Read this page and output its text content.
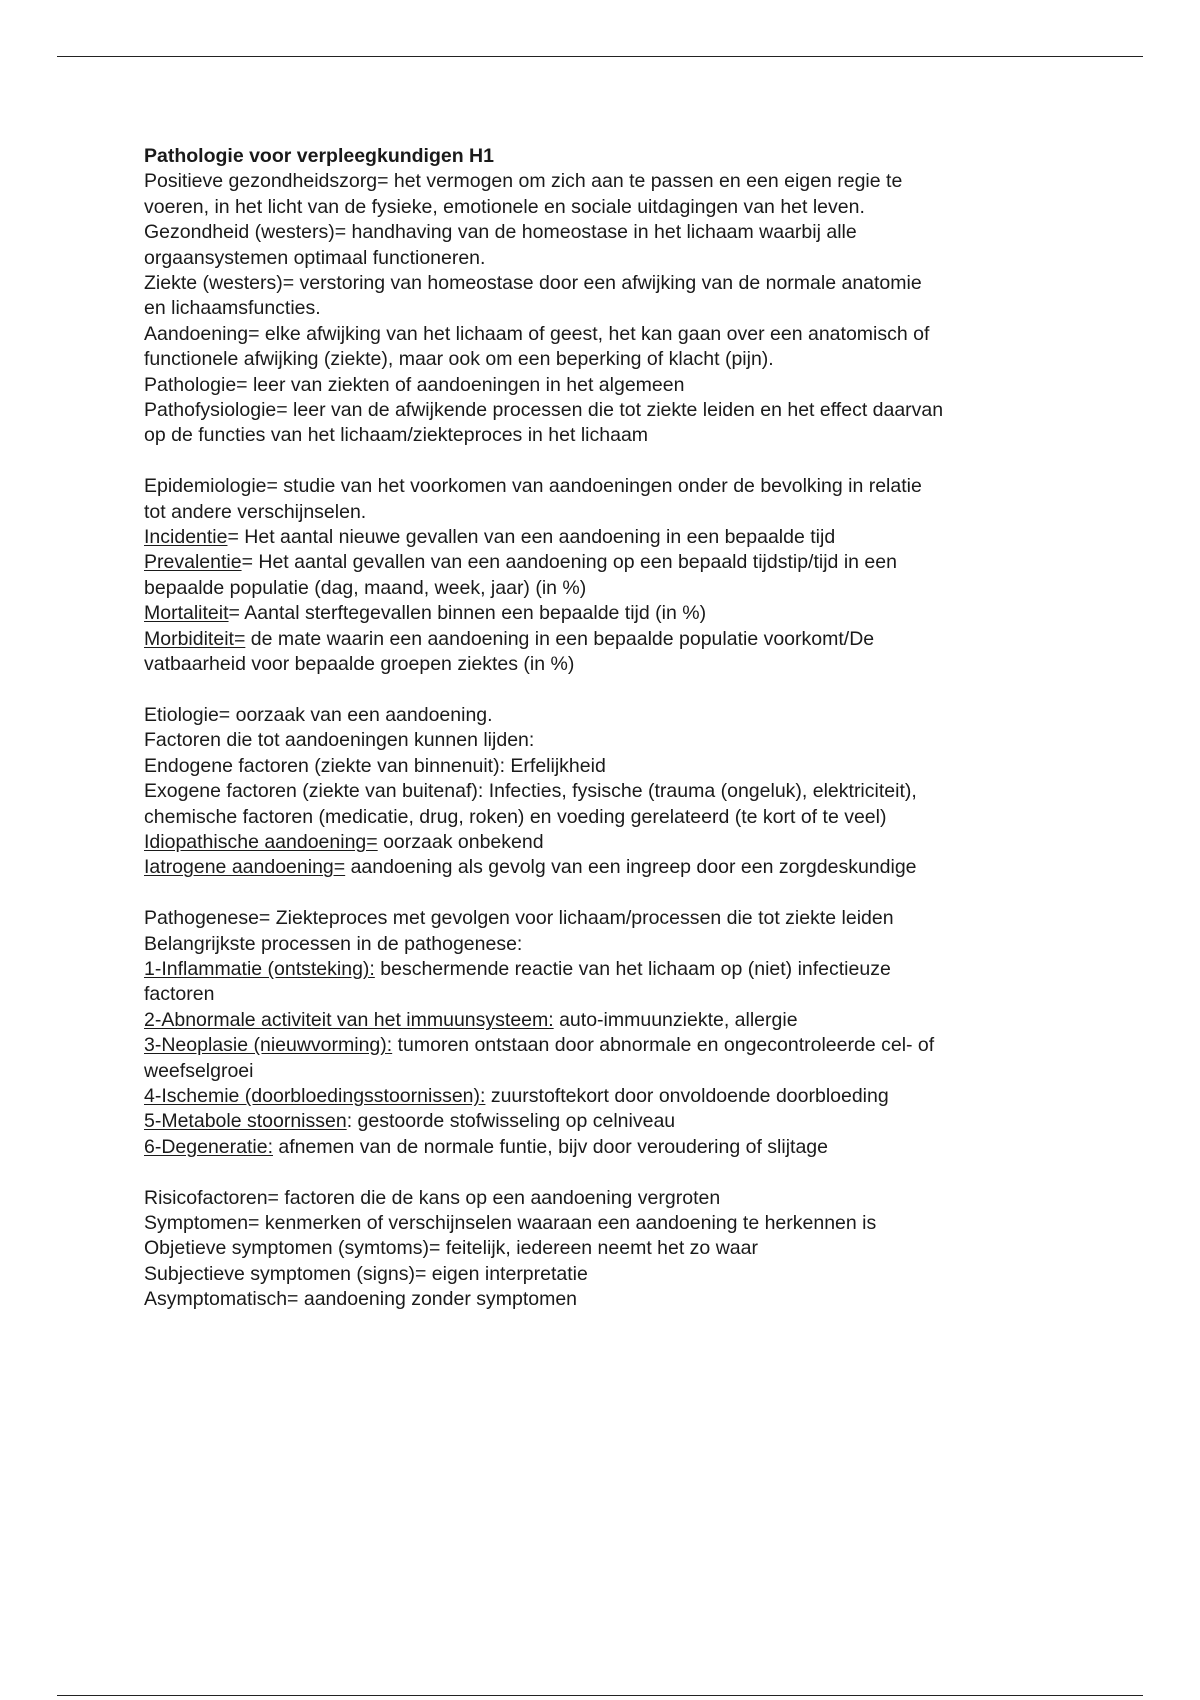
Pathologie voor verpleegkundigen H1
Positieve gezondheidszorg= het vermogen om zich aan te passen en een eigen regie te
voeren, in het licht van de fysieke, emotionele en sociale uitdagingen van het leven.
Gezondheid (westers)= handhaving van de homeostase in het lichaam waarbij alle
orgaansystemen optimaal functioneren.
Ziekte (westers)= verstoring van homeostase door een afwijking van de normale anatomie
en lichaamsfuncties.
Aandoening= elke afwijking van het lichaam of geest, het kan gaan over een anatomisch of
functionele afwijking (ziekte), maar ook om een beperking of klacht (pijn).
Pathologie= leer van ziekten of aandoeningen in het algemeen
Pathofysiologie= leer van de afwijkende processen die tot ziekte leiden en het effect daarvan
op de functies van het lichaam/ziekteproces in het lichaam
Epidemiologie= studie van het voorkomen van aandoeningen onder de bevolking in relatie
tot andere verschijnselen.
Incidentie= Het aantal nieuwe gevallen van een aandoening in een bepaalde tijd
Prevalentie= Het aantal gevallen van een aandoening op een bepaald tijdstip/tijd in een
bepaalde populatie (dag, maand, week, jaar) (in %)
Mortaliteit= Aantal sterftegevallen binnen een bepaalde tijd (in %)
Morbiditeit= de mate waarin een aandoening in een bepaalde populatie voorkomt/De
vatbaarheid voor bepaalde groepen ziektes (in %)
Etiologie= oorzaak van een aandoening.
Factoren die tot aandoeningen kunnen lijden:
Endogene factoren (ziekte van binnenuit): Erfelijkheid
Exogene factoren (ziekte van buitenaf): Infecties, fysische (trauma (ongeluk), elektriciteit),
chemische factoren (medicatie, drug, roken) en voeding gerelateerd (te kort of te veel)
Idiopathische aandoening= oorzaak onbekend
Iatrogene aandoening= aandoening als gevolg van een ingreep door een zorgdeskundige
Pathogenese= Ziekteproces met gevolgen voor lichaam/processen die tot ziekte leiden
Belangrijkste processen in de pathogenese:
1-Inflammatie (ontsteking): beschermende reactie van het lichaam op (niet) infectieuze
factoren
2-Abnormale activiteit van het immuunsysteem: auto-immuunziekte, allergie
3-Neoplasie (nieuwvorming): tumoren ontstaan door abnormale en ongecontroleerde cel- of
weefselgroei
4-Ischemie (doorbloedingsstoornissen): zuurstoftekort door onvoldoende doorbloeding
5-Metabole stoornissen: gestoorde stofwisseling op celniveau
6-Degeneratie: afnemen van de normale funtie, bijv door veroudering of slijtage
Risicofactoren= factoren die de kans op een aandoening vergroten
Symptomen= kenmerken of verschijnselen waaraan een aandoening te herkennen is
Objetieve symptomen (symtoms)= feitelijk, iedereen neemt het zo waar
Subjectieve symptomen (signs)= eigen interpretatie
Asymptomatisch= aandoening zonder symptomen
